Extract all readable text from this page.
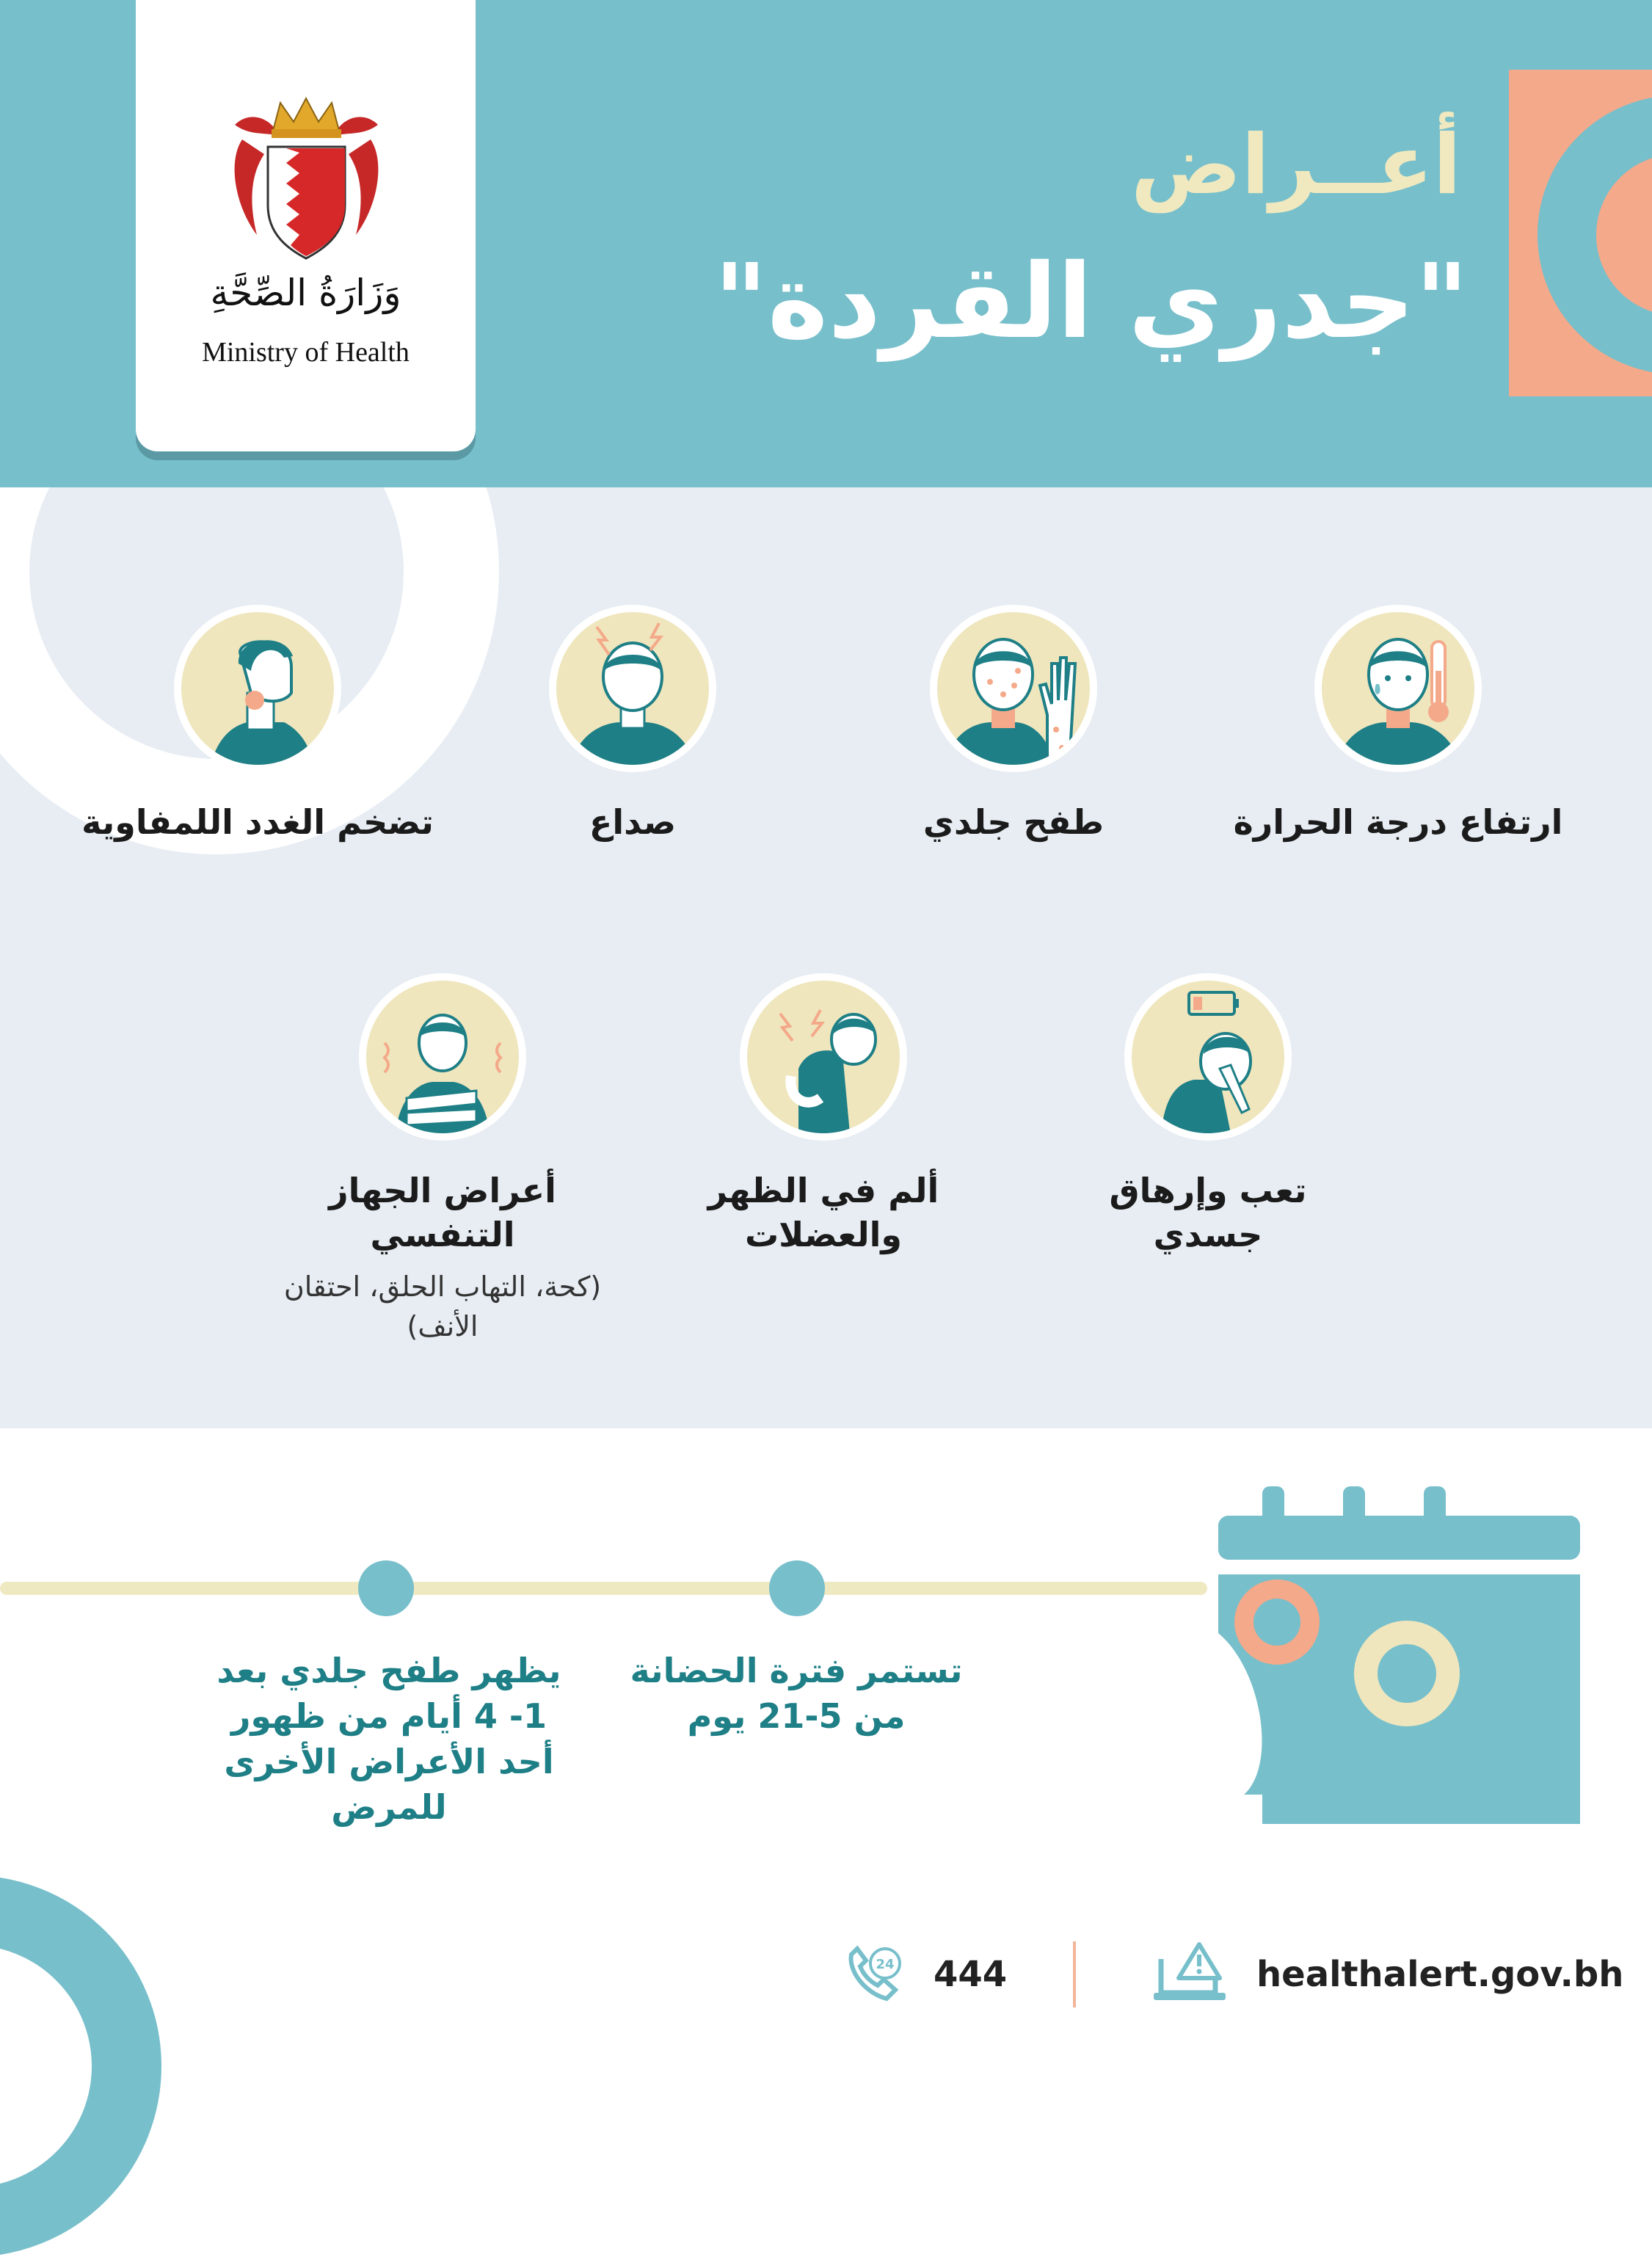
أعــراض
"جدري القردة"
وَزَارَةُ الصِّحَّةِ
Ministry of Health
ارتفاع درجة الحرارة
طفح جلدي
صداع
تضخم الغدد اللمفاوية
تعب وإرهاق جسدي
ألم في الظهر والعضلات
أعراض الجهاز التنفسي
(كحة، التهاب الحلق، احتقان الأنف)
تستمر فترة الحضانة من 5-21 يوم
يظهر طفح جلدي بعد 1- 4 أيام من ظهور أحد الأعراض الأخرى للمرض
24 444	healthalert.gov.bh
